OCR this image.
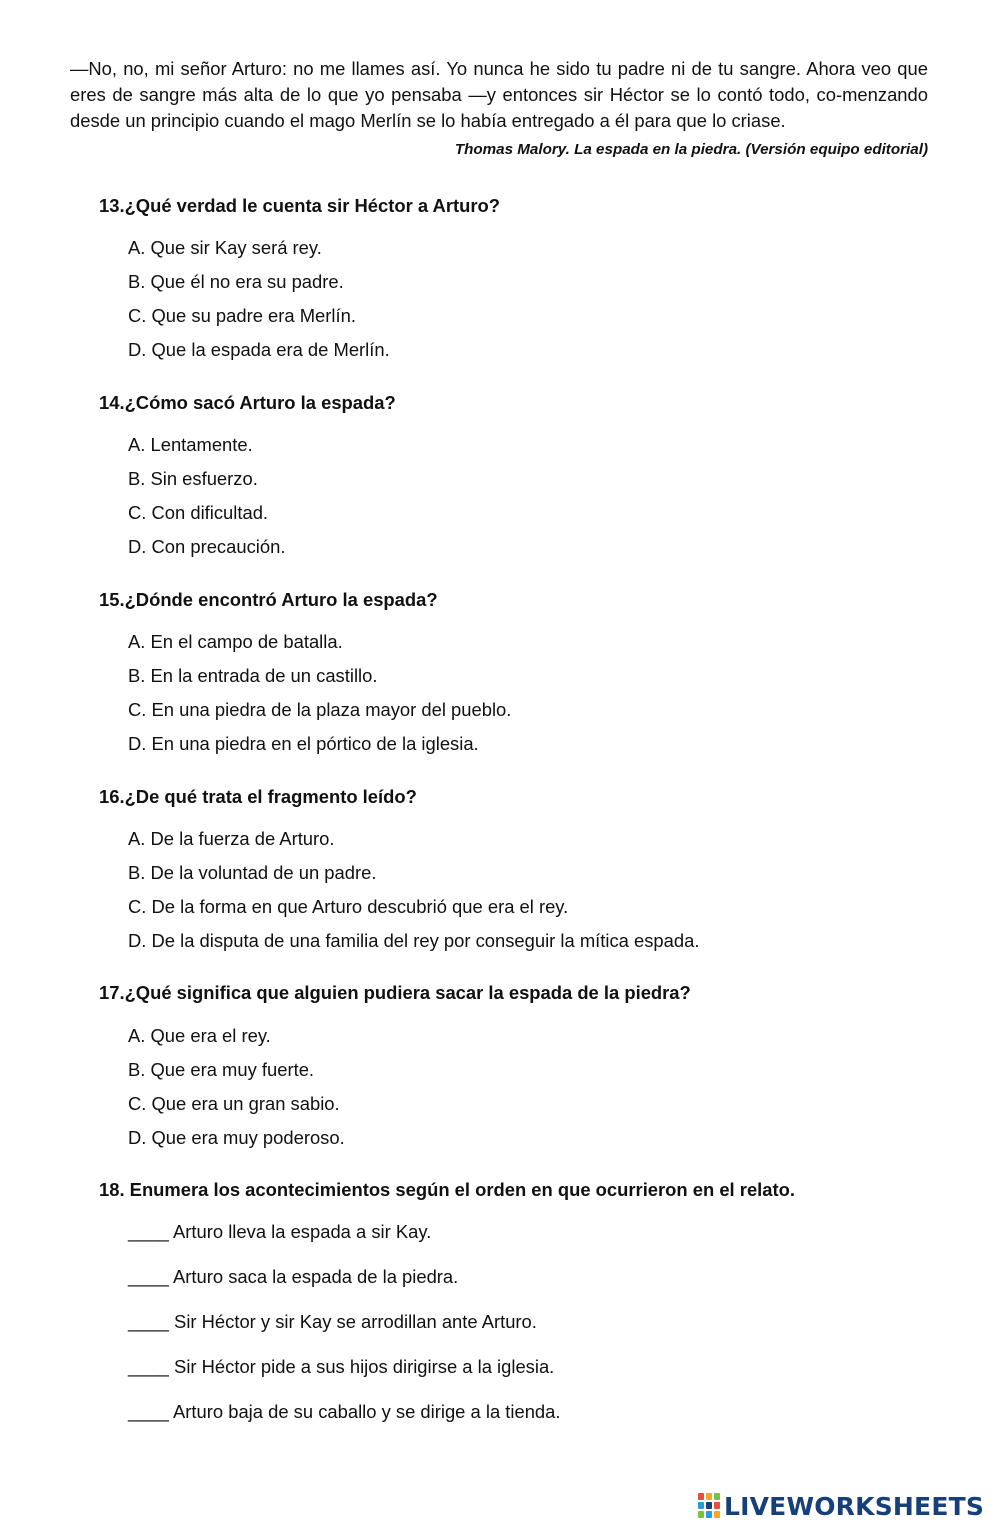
—No, no, mi señor Arturo: no me llames así. Yo nunca he sido tu padre ni de tu sangre. Ahora veo que eres de sangre más alta de lo que yo pensaba —y entonces sir Héctor se lo contó todo, co-menzando desde un principio cuando el mago Merlín se lo había entregado a él para que lo criase.

Thomas Malory. La espada en la piedra. (Versión equipo editorial)
13.¿Qué verdad le cuenta sir Héctor a Arturo?
A. Que sir Kay será rey.
B. Que él no era su padre.
C. Que su padre era Merlín.
D. Que la espada era de Merlín.
14.¿Cómo sacó Arturo la espada?
A. Lentamente.
B. Sin esfuerzo.
C. Con dificultad.
D. Con precaución.
15.¿Dónde encontró Arturo la espada?
A. En el campo de batalla.
B. En la entrada de un castillo.
C. En una piedra de la plaza mayor del pueblo.
D. En una piedra en el pórtico de la iglesia.
16.¿De qué trata el fragmento leído?
A. De la fuerza de Arturo.
B. De la voluntad de un padre.
C. De la forma en que Arturo descubrió que era el rey.
D. De la disputa de una familia del rey por conseguir la mítica espada.
17.¿Qué significa que alguien pudiera sacar la espada de la piedra?
A. Que era el rey.
B. Que era muy fuerte.
C. Que era un gran sabio.
D. Que era muy poderoso.
18. Enumera los acontecimientos según el orden en que ocurrieron en el relato.
____ Arturo lleva la espada a sir Kay.
____ Arturo saca la espada de la piedra.
____ Sir Héctor y sir Kay se arrodillan ante Arturo.
____ Sir Héctor pide a sus hijos dirigirse a la iglesia.
____ Arturo baja de su caballo y se dirige a la tienda.
LIVEWORKSHEETS
